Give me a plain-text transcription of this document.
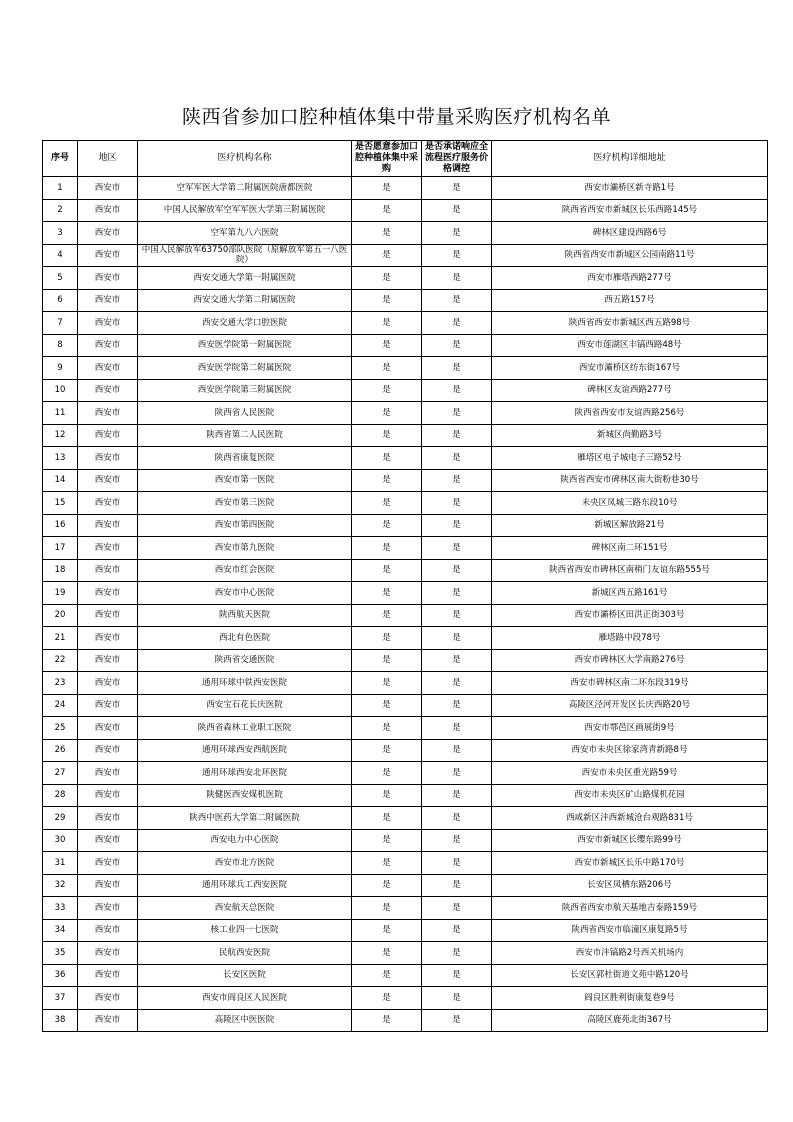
陕西省参加口腔种植体集中带量采购医疗机构名单
序号	地区	医疗机构名称	是否愿意参加口腔种植体集中采购	是否承诺响应全流程医疗服务价格调控	医疗机构详细地址
1	西安市	空军军医大学第二附属医院唐都医院	是	是	西安市灞桥区新寺路1号
2	西安市	中国人民解放军空军军医大学第三附属医院	是	是	陕西省西安市新城区长乐西路145号
3	西安市	空军第九八六医院	是	是	碑林区建设西路6号
4	西安市	中国人民解放军63750部队医院（原解放军第五一八医院）	是	是	陕西省西安市新城区公园南路11号
5	西安市	西安交通大学第一附属医院	是	是	西安市雁塔西路277号
6	西安市	西安交通大学第二附属医院	是	是	西五路157号
7	西安市	西安交通大学口腔医院	是	是	陕西省西安市新城区西五路98号
8	西安市	西安医学院第一附属医院	是	是	西安市莲湖区丰镐西路48号
9	西安市	西安医学院第二附属医院	是	是	西安市灞桥区纺东街167号
10	西安市	西安医学院第三附属医院	是	是	碑林区友谊西路277号
11	西安市	陕西省人民医院	是	是	陕西省西安市友谊西路256号
12	西安市	陕西省第二人民医院	是	是	新城区尚勤路3号
13	西安市	陕西省康复医院	是	是	雁塔区电子城电子三路52号
14	西安市	西安市第一医院	是	是	陕西省西安市碑林区南大街粉巷30号
15	西安市	西安市第三医院	是	是	未央区凤城三路东段10号
16	西安市	西安市第四医院	是	是	新城区解放路21号
17	西安市	西安市第九医院	是	是	碑林区南二环151号
18	西安市	西安市红会医院	是	是	陕西省西安市碑林区南稍门友谊东路555号
19	西安市	西安市中心医院	是	是	新城区西五路161号
20	西安市	陕西航天医院	是	是	西安市灞桥区田洪正街303号
21	西安市	西北有色医院	是	是	雁塔路中段78号
22	西安市	陕西省交通医院	是	是	西安市碑林区大学南路276号
23	西安市	通用环球中铁西安医院	是	是	西安市碑林区南二环东段319号
24	西安市	西安宝石花长庆医院	是	是	高陵区泾河开发区长庆西路20号
25	西安市	陕西省森林工业职工医院	是	是	西安市鄠邑区画展街9号
26	西安市	通用环球西安西航医院	是	是	西安市未央区徐家湾青新路8号
27	西安市	通用环球西安北环医院	是	是	西安市未央区重光路59号
28	西安市	陕健医西安煤机医院	是	是	西安市未央区矿山路煤机花园
29	西安市	陕西中医药大学第二附属医院	是	是	西咸新区沣西新城沧台观路831号
30	西安市	西安电力中心医院	是	是	西安市新城区长缨东路99号
31	西安市	西安市北方医院	是	是	西安市新城区长乐中路170号
32	西安市	通用环球兵工西安医院	是	是	长安区凤栖东路206号
33	西安市	西安航天总医院	是	是	陕西省西安市航天基地吉泰路159号
34	西安市	核工业四一七医院	是	是	陕西省西安市临潼区康复路5号
35	西安市	民航西安医院	是	是	西安市沣镐路2号西关机场内
36	西安市	长安区医院	是	是	长安区郭杜街道文苑中路120号
37	西安市	西安市阎良区人民医院	是	是	阎良区胜利街康复巷9号
38	西安市	高陵区中医医院	是	是	高陵区鹿苑北街367号
